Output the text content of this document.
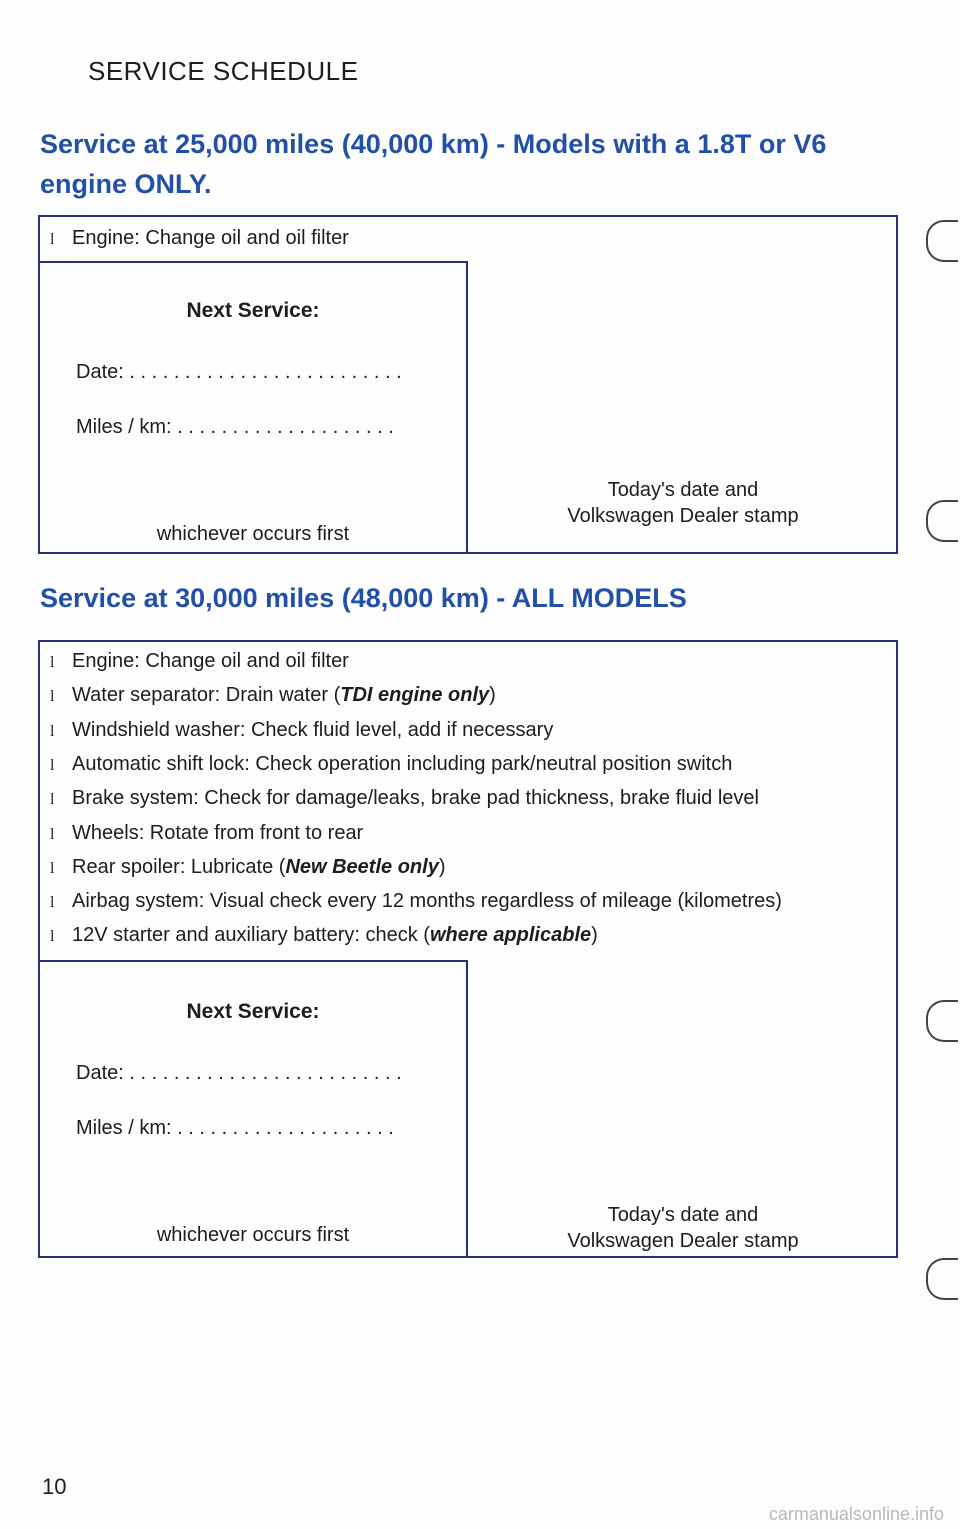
SERVICE SCHEDULE
Service at 25,000 miles (40,000 km) - Models with a 1.8T or V6
engine ONLY.
l Engine: Change oil and oil filter
Next Service:
Date: . . . . . . . . . . . . . . . . . . . . . . . . .
Miles / km: . . . . . . . . . . . . . . . . . . . .
whichever occurs first
Today's date and
Volkswagen Dealer stamp
Service at 30,000 miles (48,000 km) - ALL MODELS
l Engine: Change oil and oil filter
l Water separator: Drain water (TDI engine only)
l Windshield washer: Check fluid level, add if necessary
l Automatic shift lock: Check operation including park/neutral position switch
l Brake system: Check for damage/leaks, brake pad thickness, brake fluid level
l Wheels: Rotate from front to rear
l Rear spoiler: Lubricate (New Beetle only)
l Airbag system: Visual check every 12 months regardless of mileage (kilometres)
l 12V starter and auxiliary battery: check (where applicable)
Next Service:
Date: . . . . . . . . . . . . . . . . . . . . . . . . .
Miles / km: . . . . . . . . . . . . . . . . . . . .
whichever occurs first
Today's date and
Volkswagen Dealer stamp
10
carmanualsonline.info
